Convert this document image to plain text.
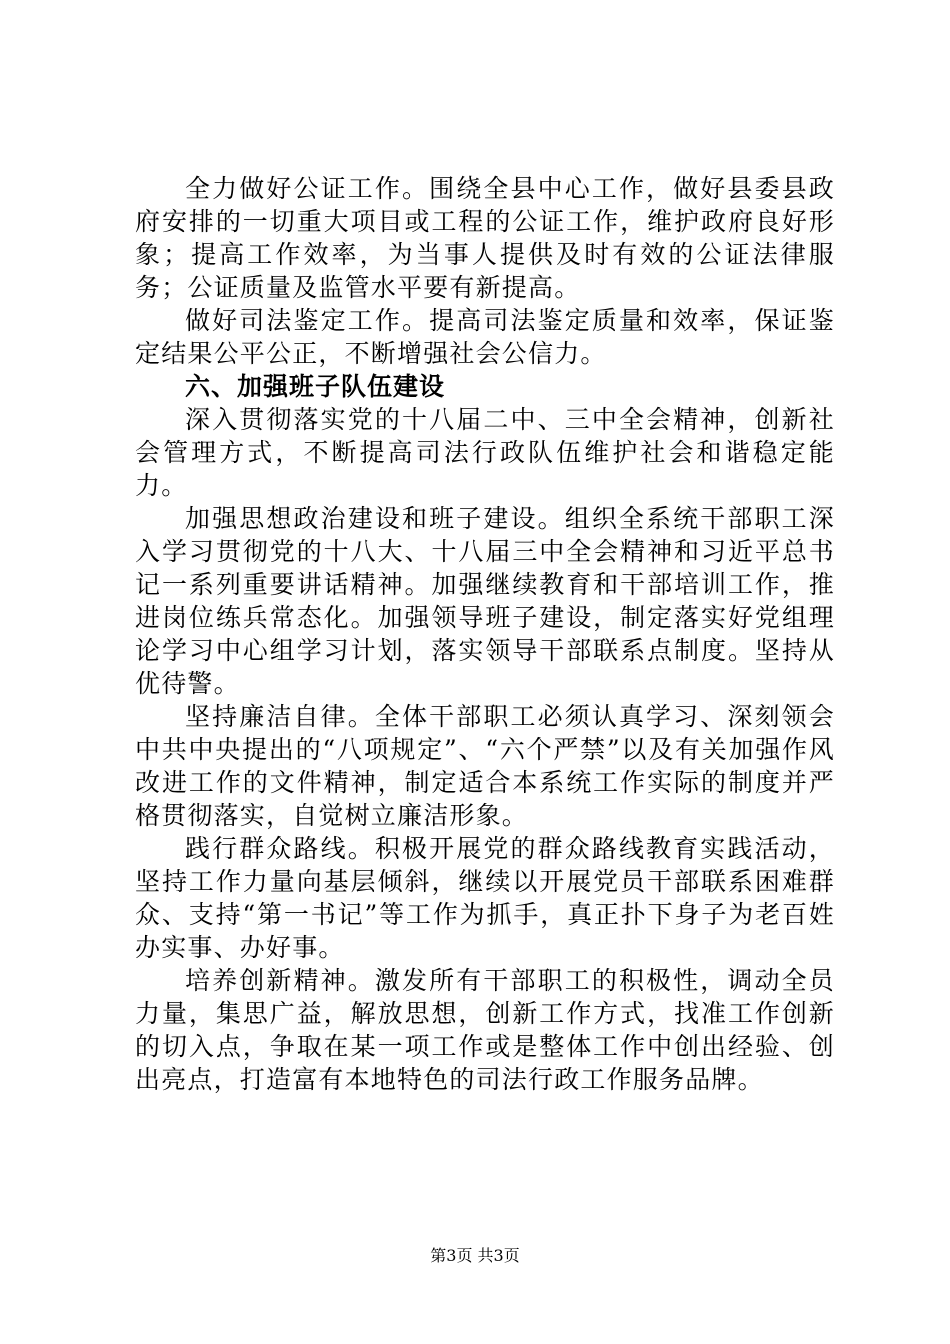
全力做好公证工作。围绕全县中心工作，做好县委县政府安排的一切重大项目或工程的公证工作，维护政府良好形象；提高工作效率，为当事人提供及时有效的公证法律服务；公证质量及监管水平要有新提高。

做好司法鉴定工作。提高司法鉴定质量和效率，保证鉴定结果公平公正，不断增强社会公信力。

六、加强班子队伍建设

深入贯彻落实党的十八届二中、三中全会精神，创新社会管理方式，不断提高司法行政队伍维护社会和谐稳定能力。

加强思想政治建设和班子建设。组织全系统干部职工深入学习贯彻党的十八大、十八届三中全会精神和习近平总书记一系列重要讲话精神。加强继续教育和干部培训工作，推进岗位练兵常态化。加强领导班子建设，制定落实好党组理论学习中心组学习计划，落实领导干部联系点制度。坚持从优待警。

坚持廉洁自律。全体干部职工必须认真学习、深刻领会中共中央提出的“八项规定”、“六个严禁”以及有关加强作风改进工作的文件精神，制定适合本系统工作实际的制度并严格贯彻落实，自觉树立廉洁形象。

践行群众路线。积极开展党的群众路线教育实践活动，坚持工作力量向基层倾斜，继续以开展党员干部联系困难群众、支持“第一书记”等工作为抓手，真正扑下身子为老百姓办实事、办好事。

培养创新精神。激发所有干部职工的积极性，调动全员力量，集思广益，解放思想，创新工作方式，找准工作创新的切入点，争取在某一项工作或是整体工作中创出经验、创出亮点，打造富有本地特色的司法行政工作服务品牌。

第3页 共3页
